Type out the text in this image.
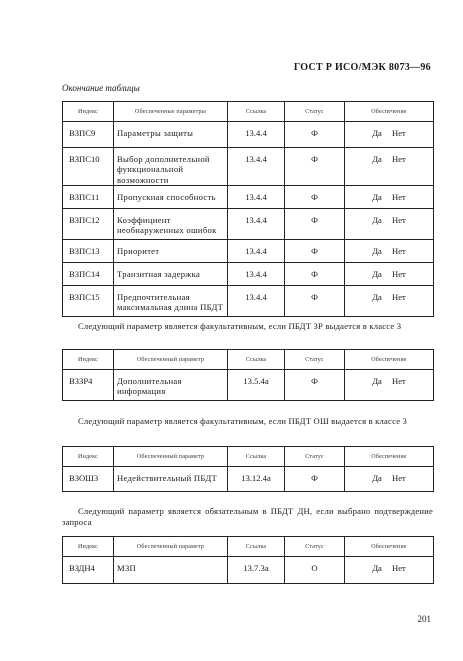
ГОСТ Р ИСО/МЭК 8073—96
Окончание таблицы
Индекс	Обеспеченные параметры	Ссылка	Статус	Обеспечение
ВЗПС9	Параметры защиты	13.4.4	Ф	Да Нет
ВЗПС10	Выбор дополнительной функциональной возможности	13.4.4	Ф	Да Нет
ВЗПС11	Пропускная способность	13.4.4	Ф	Да Нет
ВЗПС12	Коэффициент необнаруженных ошибок	13.4.4	Ф	Да Нет
ВЗПС13	Приоритет	13.4.4	Ф	Да Нет
ВЗПС14	Транзитная задержка	13.4.4	Ф	Да Нет
ВЗПС15	Предпочтительная максимальная длина ПБДТ	13.4.4	Ф	Да Нет
Следующий параметр является факультативным, если ПБДТ ЗР выдается в классе 3
Индекс	Обеспеченный параметр	Ссылка	Статус	Обеспечение
ВЗЗР4	Дополнительная информация	13.5.4а	Ф	Да Нет
Следующий параметр является факультативным, если ПБДТ ОШ выдается в классе 3
Индекс	Обеспеченный параметр	Ссылка	Статус	Обеспечение
ВЗОШ3	Недействительный ПБДТ	13.12.4а	Ф	Да Нет
Следующий параметр является обязательным в ПБДТ ДН, если выбрано подтверждение запроса
Индекс	Обеспеченный параметр	Ссылка	Статус	Обеспечение
ВЗДН4	МЗП	13.7.3а	О	Да Нет
201
